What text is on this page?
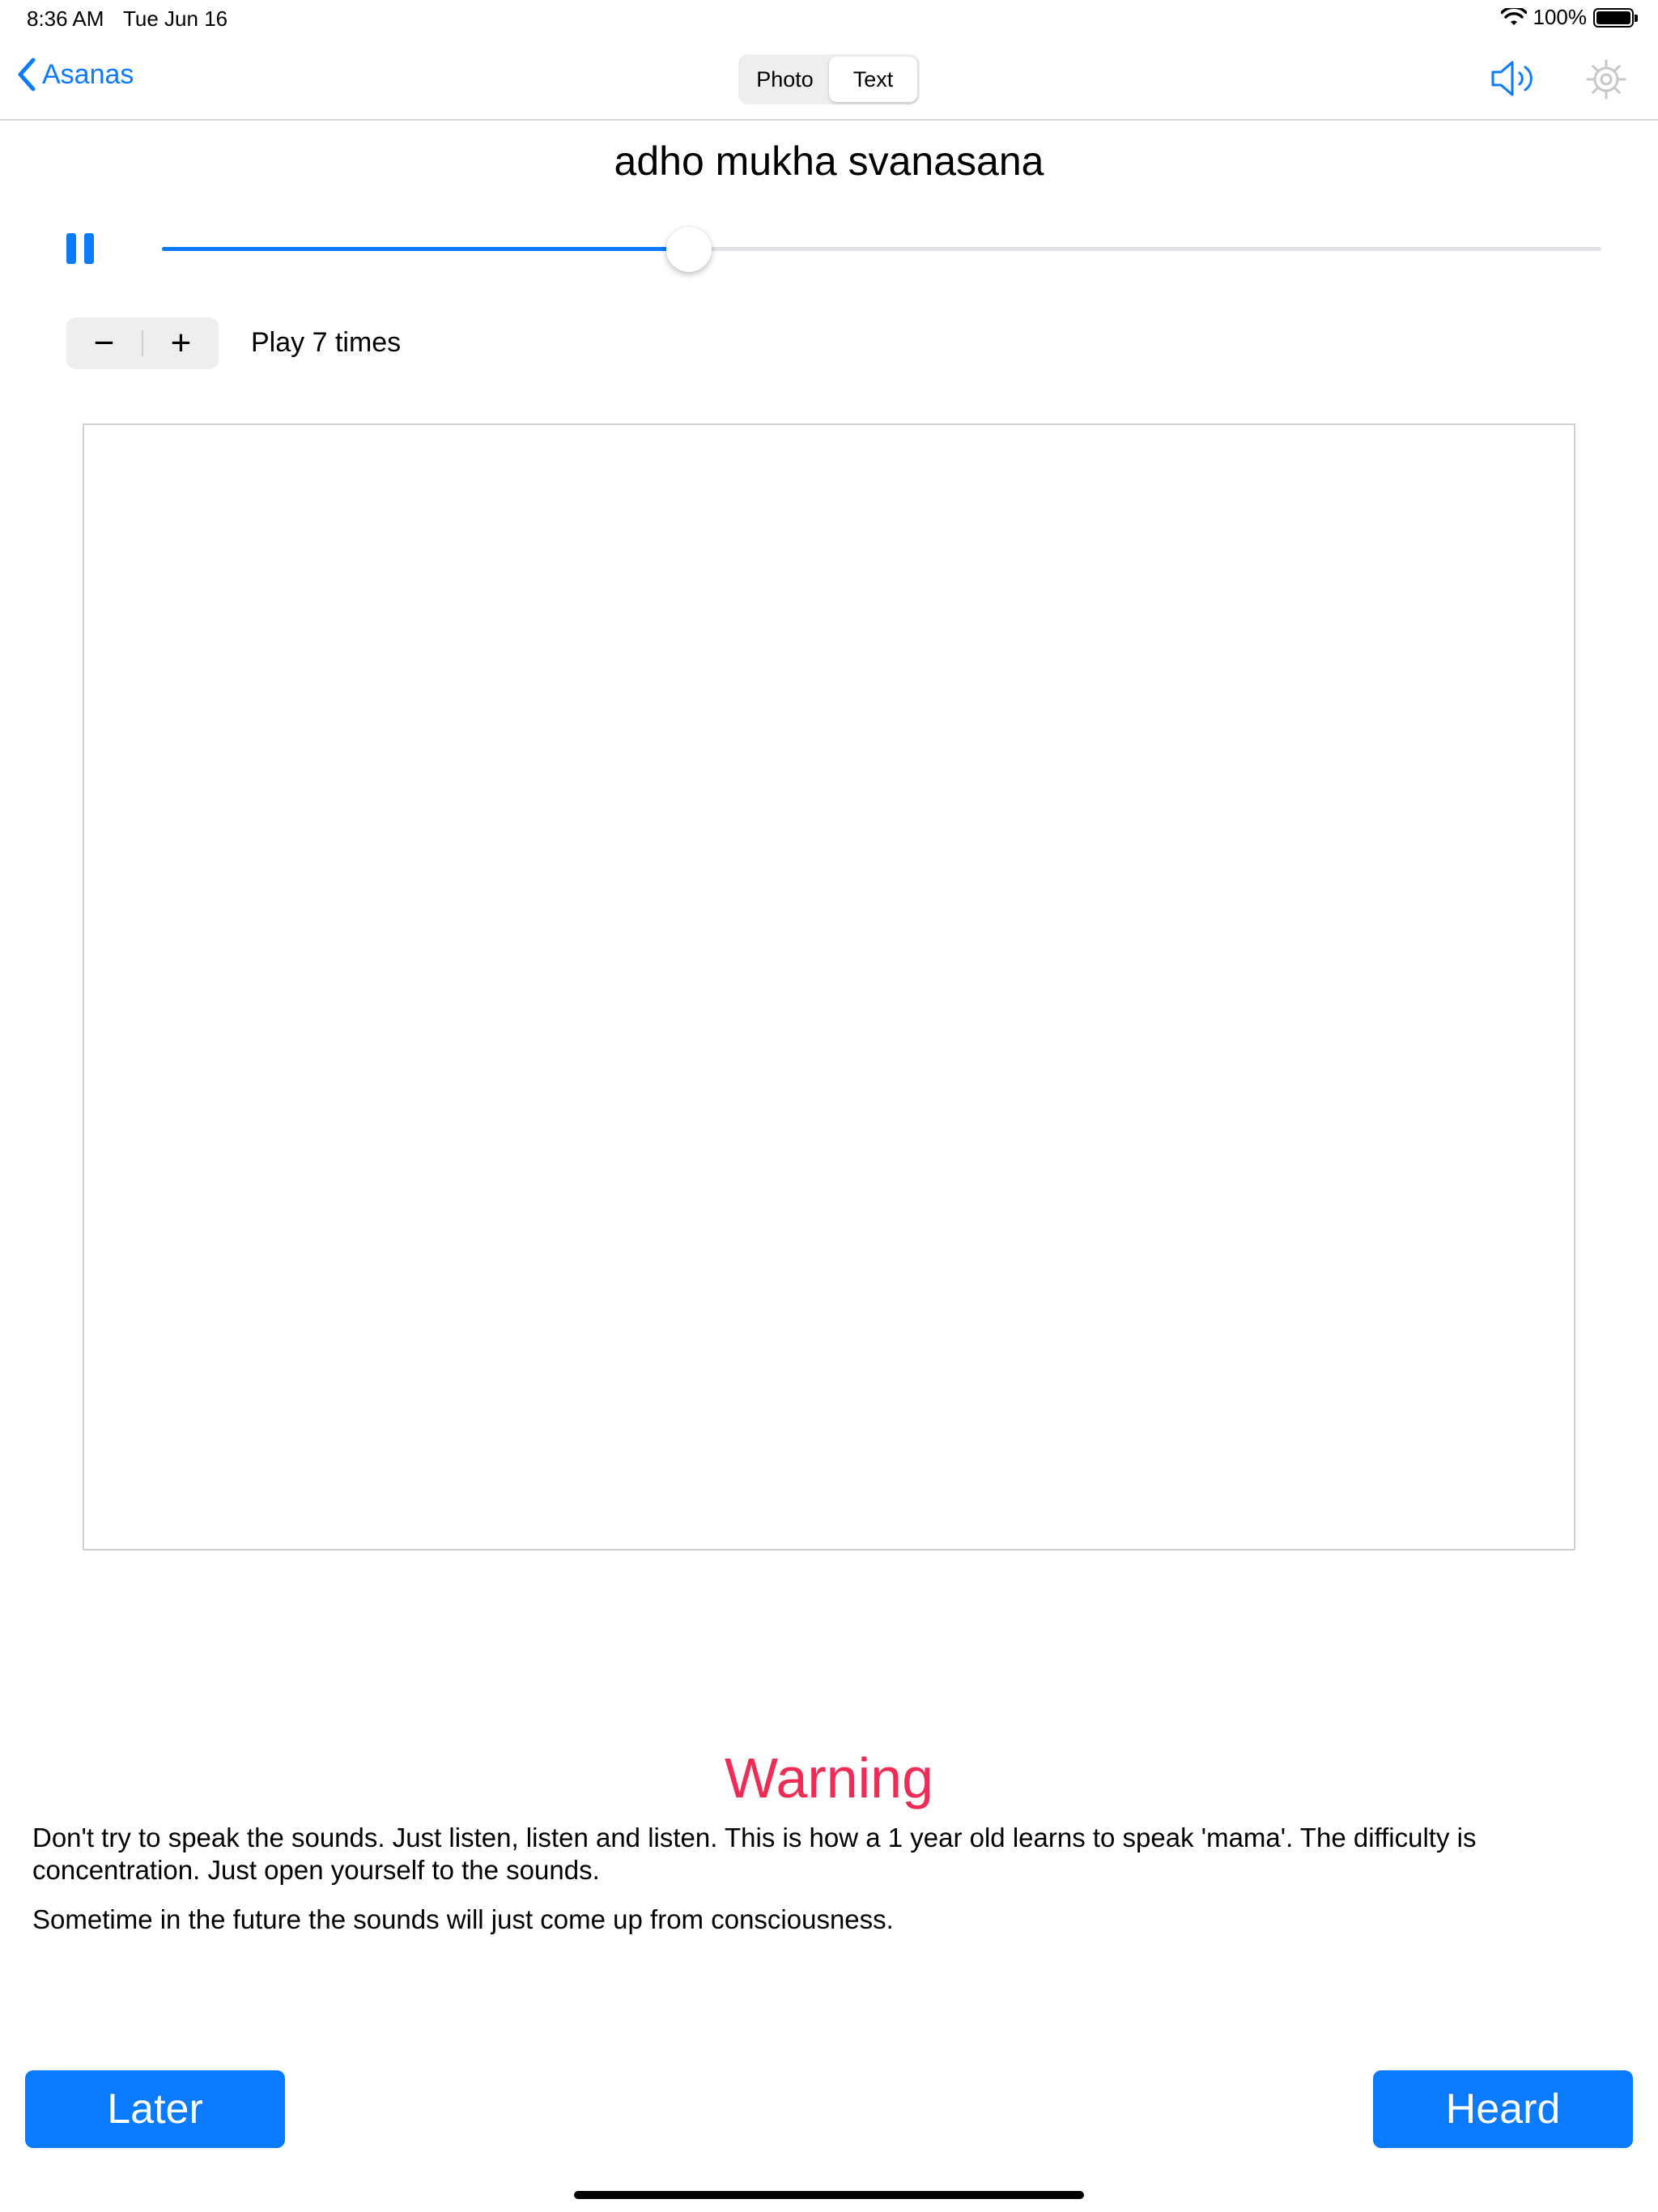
8:36 AM Tue Jun 16	100%
Asanas	Photo	Text
adho mukha svanasana
−	+	Play 7 times
Warning
Don't try to speak the sounds. Just listen, listen and listen. This is how a 1 year old learns to speak 'mama'. The difficulty is concentration. Just open yourself to the sounds.
Sometime in the future the sounds will just come up from consciousness.
Later	Heard
